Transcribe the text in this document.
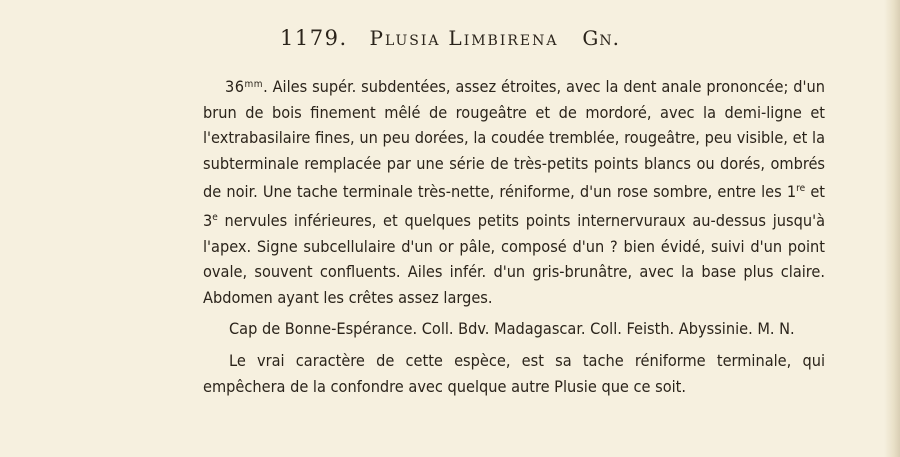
1179. Plusia Limbirena Gn.

$36^{mm}$. Ailes supér. subdentées, assez étroites, avec la dent anale prononcée; d'un brun de bois finement mêlé de rougeâtre et de mordoré, avec la demi-ligne et l'extrabasilaire fines, un peu dorées, la coudée tremblée, rougeâtre, peu visible, et la subterminale remplacée par une série de très-petits points blancs ou dorés, ombrés de noir. Une tache terminale très-nette, réniforme, d'un rose sombre, entre les 1re et 3e nervules inférieures, et quelques petits points internervuraux au-dessus jusqu'à l'apex. Signe subcellulaire d'un or pâle, composé d'un ? bien évidé, suivi d'un point ovale, souvent confluents. Ailes infér. d'un gris-brunâtre, avec la base plus claire. Abdomen ayant les crêtes assez larges.

Cap de Bonne-Espérance. Coll. Bdv. Madagascar. Coll. Feisth. Abyssinie. M. N.

Le vrai caractère de cette espèce, est sa tache réniforme terminale, qui empêchera de la confondre avec quelque autre Plusie que ce soit.
